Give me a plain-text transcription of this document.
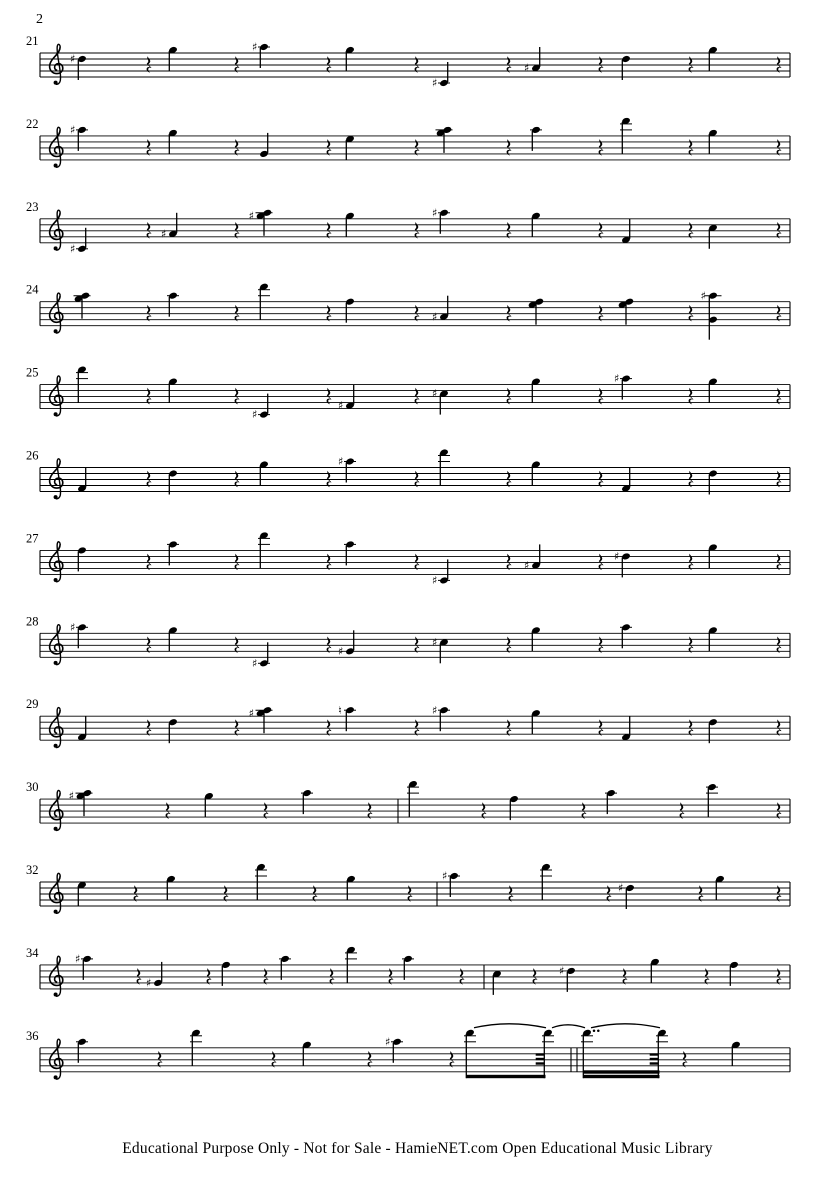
2
21
♯
♯
♯
♯
22	♯
23
♯
♯
♯	♯
24
♯
♯
25
♯
♯
♯
♯
26	♯
27
♯
♯
♯
28	♯
♯
♯
♯
29
♯	♮	♯
30
♯
32	♯
♯
34	♯
♯
♯
36	♯
Educational Purpose Only - Not for Sale - HamieNET.com Open Educational Music Library
